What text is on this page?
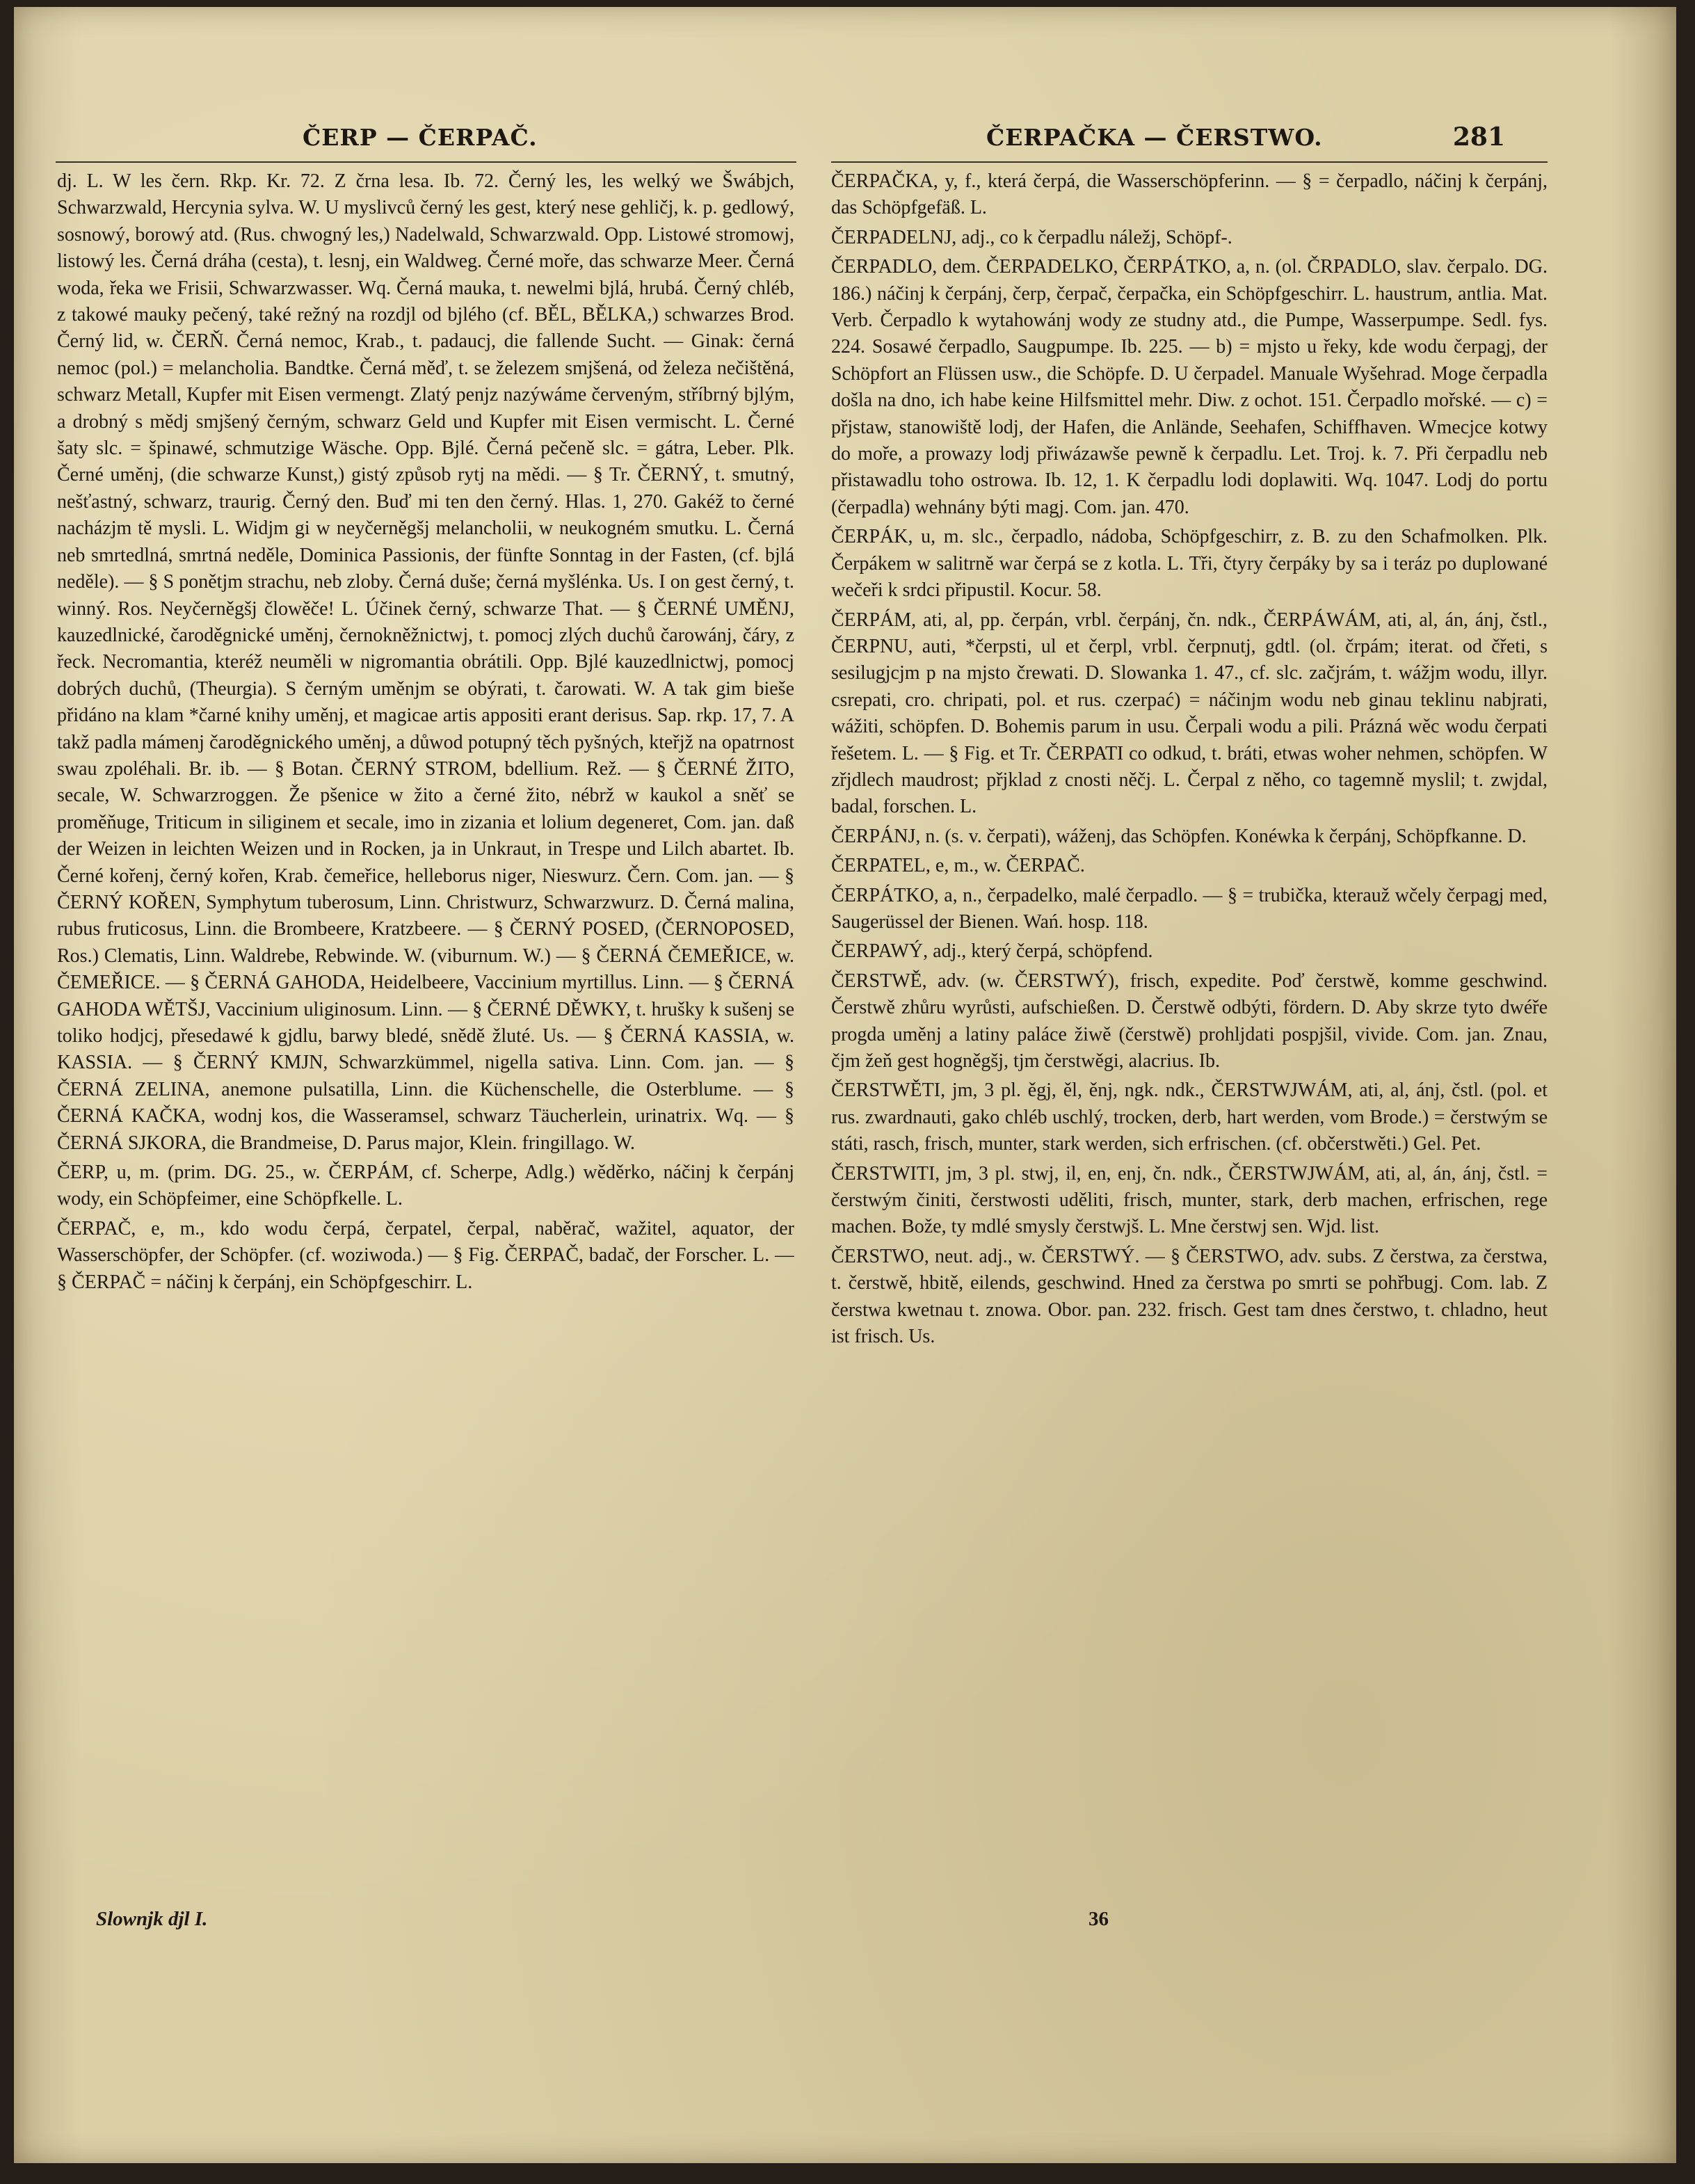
ČERP — ČERPAČ.	ČERPAČKA — ČERSTWO.	281

dj. L. W les čern. Rkp. Kr. 72. Z črna lesa. Ib. 72. Černý les, les welký we Šwábjch, Schwarzwald, Hercynia sylva. W. U myslivců černý les gest, který nese gehličj, k. p. gedlowý, sosnowý, borowý atd. (Rus. chwogný les,) Nadelwald, Schwarzwald. Opp. Listowé stromowj, listowý les. Černá dráha (cesta), t. lesnj, ein Waldweg. Černé moře, das schwarze Meer. Černá woda, řeka we Frisii, Schwarzwasser. Wq. Černá mauka, t. newelmi bjlá, hrubá. Černý chléb, z takowé mauky pečený, také režný na rozdjl od bjlého (cf. BĚL, BĚLKA,) schwarzes Brod. Černý lid, w. ČERŇ. Černá nemoc, Krab., t. padaucj, die fallende Sucht. — Ginak: černá nemoc (pol.) = melancholia. Bandtke. Černá měď, t. se železem smjšená, od železa nečištěná, schwarz Metall, Kupfer mit Eisen vermengt. Zlatý penjz nazýwáme červeným, stříbrný bjlým, a drobný s mědj smjšený černým, schwarz Geld und Kupfer mit Eisen vermischt. L. Černé šaty slc. = špinawé, schmutzige Wäsche. Opp. Bjlé. Černá pečeně slc. = gátra, Leber. Plk. Černé uměnj, (die schwarze Kunst,) gistý způsob rytj na mědi. — § Tr. ČERNÝ, t. smutný, nešťastný, schwarz, traurig. Černý den. Buď mi ten den černý. Hlas. 1, 270. Gakéž to černé nacházjm tě mysli. L. Widjm gi w neyčerněgšj melancholii, w neukogném smutku. L. Černá neb smrtedlná, smrtná neděle, Dominica Passionis, der fünfte Sonntag in der Fasten, (cf. bjlá neděle). — § S ponětjm strachu, neb zloby. Černá duše; černá myšlénka. Us. I on gest černý, t. winný. Ros. Neyčerněgšj člowěče! L. Účinek černý, schwarze That. — § ČERNÉ UMĚNJ, kauzedlnické, čaroděgnické uměnj, černokněžnictwj, t. pomocj zlých duchů čarowánj, čáry, z řeck. Necromantia, kteréž neuměli w nigromantia obrátili. Opp. Bjlé kauzedlnictwj, pomocj dobrých duchů, (Theurgia). S černým uměnjm se obýrati, t. čarowati. W. A tak gim bieše přidáno na klam *čarné knihy uměnj, et magicae artis appositi erant derisus. Sap. rkp. 17, 7. A takž padla mámenj čaroděgnického uměnj, a důwod potupný těch pyšných, kteřjž na opatrnost swau zpoléhali. Br. ib. — § Botan. ČERNÝ STROM, bdellium. Rež. — § ČERNÉ ŽITO, secale, W. Schwarzroggen. Že pšenice w žito a černé žito, nébrž w kaukol a sněť se proměňuge, Triticum in siliginem et secale, imo in zizania et lolium degeneret, Com. jan. daß der Weizen in leichten Weizen und in Rocken, ja in Unkraut, in Trespe und Lilch abartet. Ib. Černé kořenj, černý kořen, Krab. čemeřice, helleborus niger, Nieswurz. Čern. Com. jan. — § ČERNÝ KOŘEN, Symphytum tuberosum, Linn. Christwurz, Schwarzwurz. D. Černá malina, rubus fruticosus, Linn. die Brombeere, Kratzbeere. — § ČERNÝ POSED, (ČERNOPOSED, Ros.) Clematis, Linn. Waldrebe, Rebwinde. W. (viburnum. W.) — § ČERNÁ ČEMEŘICE, w. ČEMEŘICE. — § ČERNÁ GAHODA, Heidelbeere, Vaccinium myrtillus. Linn. — § ČERNÁ GAHODA WĚTŠJ, Vaccinium uliginosum. Linn. — § ČERNÉ DĚWKY, t. hrušky k sušenj se toliko hodjcj, přesedawé k gjdlu, barwy bledé, snědě žluté. Us. — § ČERNÁ KASSIA, w. KASSIA. — § ČERNÝ KMJN, Schwarzkümmel, nigella sativa. Linn. Com. jan. — § ČERNÁ ZELINA, anemone pulsatilla, Linn. die Küchenschelle, die Osterblume. — § ČERNÁ KAČKA, wodnj kos, die Wasseramsel, schwarz Täucherlein, urinatrix. Wq. — § ČERNÁ SJKORA, die Brandmeise, D. Parus major, Klein. fringillago. W.

ČERP, u, m. (prim. DG. 25., w. ČERPÁM, cf. Scherpe, Adlg.) wěděrko, náčinj k čerpánj wody, ein Schöpfeimer, eine Schöpfkelle. L.

ČERPAČ, e, m., kdo wodu čerpá, čerpatel, čerpal, naběrač, wažitel, aquator, der Wasserschöpfer, der Schöpfer. (cf. woziwoda.) — § Fig. ČERPAČ, badač, der Forscher. L. — § ČERPAČ = náčinj k čerpánj, ein Schöpfgeschirr. L.

ČERPAČKA, y, f., která čerpá, die Wasserschöpferinn. — § = čerpadlo, náčinj k čerpánj, das Schöpfgefäß. L.

ČERPADELNJ, adj., co k čerpadlu náležj, Schöpf-.

ČERPADLO, dem. ČERPADELKO, ČERPÁTKO, a, n. (ol. ČRPADLO, slav. čerpalo. DG. 186.) náčinj k čerpánj, čerp, čerpač, čerpačka, ein Schöpfgeschirr. L. haustrum, antlia. Mat. Verb. Čerpadlo k wytahowánj wody ze studny atd., die Pumpe, Wasserpumpe. Sedl. fys. 224. Sosawé čerpadlo, Saugpumpe. Ib. 225. — b) = mjsto u řeky, kde wodu čerpagj, der Schöpfort an Flüssen usw., die Schöpfe. D. U čerpadel. Manuale Wyšehrad. Moge čerpadla došla na dno, ich habe keine Hilfsmittel mehr. Diw. z ochot. 151. Čerpadlo mořské. — c) = přjstaw, stanowiště lodj, der Hafen, die Anlände, Seehafen, Schiffhaven. Wmecjce kotwy do moře, a prowazy lodj přiwázawše pewně k čerpadlu. Let. Troj. k. 7. Při čerpadlu neb přistawadlu toho ostrowa. Ib. 12, 1. K čerpadlu lodi doplawiti. Wq. 1047. Lodj do portu (čerpadla) wehnány býti magj. Com. jan. 470.

ČERPÁK, u, m. slc., čerpadlo, nádoba, Schöpfgeschirr, z. B. zu den Schafmolken. Plk. Čerpákem w salitrně war čerpá se z kotla. L. Tři, čtyry čerpáky by sa i teráz po duplowané wečeři k srdci připustil. Kocur. 58.

ČERPÁM, ati, al, pp. čerpán, vrbl. čerpánj, čn. ndk., ČERPÁWÁM, ati, al, án, ánj, čstl., ČERPNU, auti, *čerpsti, ul et čerpl, vrbl. čerpnutj, gdtl. (ol. črpám; iterat. od čřeti, s sesilugjcjm p na mjsto črewati. D. Slowanka 1. 47., cf. slc. začjrám, t. wážjm wodu, illyr. csrepati, cro. chripati, pol. et rus. czerpać) = náčinjm wodu neb ginau teklinu nabjrati, wážiti, schöpfen. D. Bohemis parum in usu. Čerpali wodu a pili. Prázná wěc wodu čerpati řešetem. L. — § Fig. et Tr. ČERPATI co odkud, t. bráti, etwas woher nehmen, schöpfen. W zřjdlech maudrost; přjklad z cnosti něčj. L. Čerpal z něho, co tagemně myslil; t. zwjdal, badal, forschen. L.

ČERPÁNJ, n. (s. v. čerpati), wáženj, das Schöpfen. Konéwka k čerpánj, Schöpfkanne. D.

ČERPATEL, e, m., w. ČERPAČ.

ČERPÁTKO, a, n., čerpadelko, malé čerpadlo. — § = trubička, kterauž wčely čerpagj med, Saugerüssel der Bienen. Wań. hosp. 118.

ČERPAWÝ, adj., který čerpá, schöpfend.

ČERSTWĚ, adv. (w. ČERSTWÝ), frisch, expedite. Poď čerstwě, komme geschwind. Čerstwě zhůru wyrůsti, aufschießen. D. Čerstwě odbýti, fördern. D. Aby skrze tyto dwéře progda uměnj a latiny paláce žiwě (čerstwě) prohljdati pospjšil, vivide. Com. jan. Znau, čjm žeň gest hogněgšj, tjm čerstwěgi, alacrius. Ib.

ČERSTWĚTI, jm, 3 pl. ěgj, ěl, ěnj, ngk. ndk., ČERSTWJWÁM, ati, al, ánj, čstl. (pol. et rus. zwardnauti, gako chléb uschlý, trocken, derb, hart werden, vom Brode.) = čerstwým se státi, rasch, frisch, munter, stark werden, sich erfrischen. (cf. občerstwěti.) Gel. Pet.

ČERSTWITI, jm, 3 pl. stwj, il, en, enj, čn. ndk., ČERSTWJWÁM, ati, al, án, ánj, čstl. = čerstwým činiti, čerstwosti uděliti, frisch, munter, stark, derb machen, erfrischen, rege machen. Bože, ty mdlé smysly čerstwjš. L. Mne čerstwj sen. Wjd. list.

ČERSTWO, neut. adj., w. ČERSTWÝ. — § ČERSTWO, adv. subs. Z čerstwa, za čerstwa, t. čerstwě, hbitě, eilends, geschwind. Hned za čerstwa po smrti se pohřbugj. Com. lab. Z čerstwa kwetnau t. znowa. Obor. pan. 232. frisch. Gest tam dnes čerstwo, t. chladno, heut ist frisch. Us.

Slownjk djl I.	36
